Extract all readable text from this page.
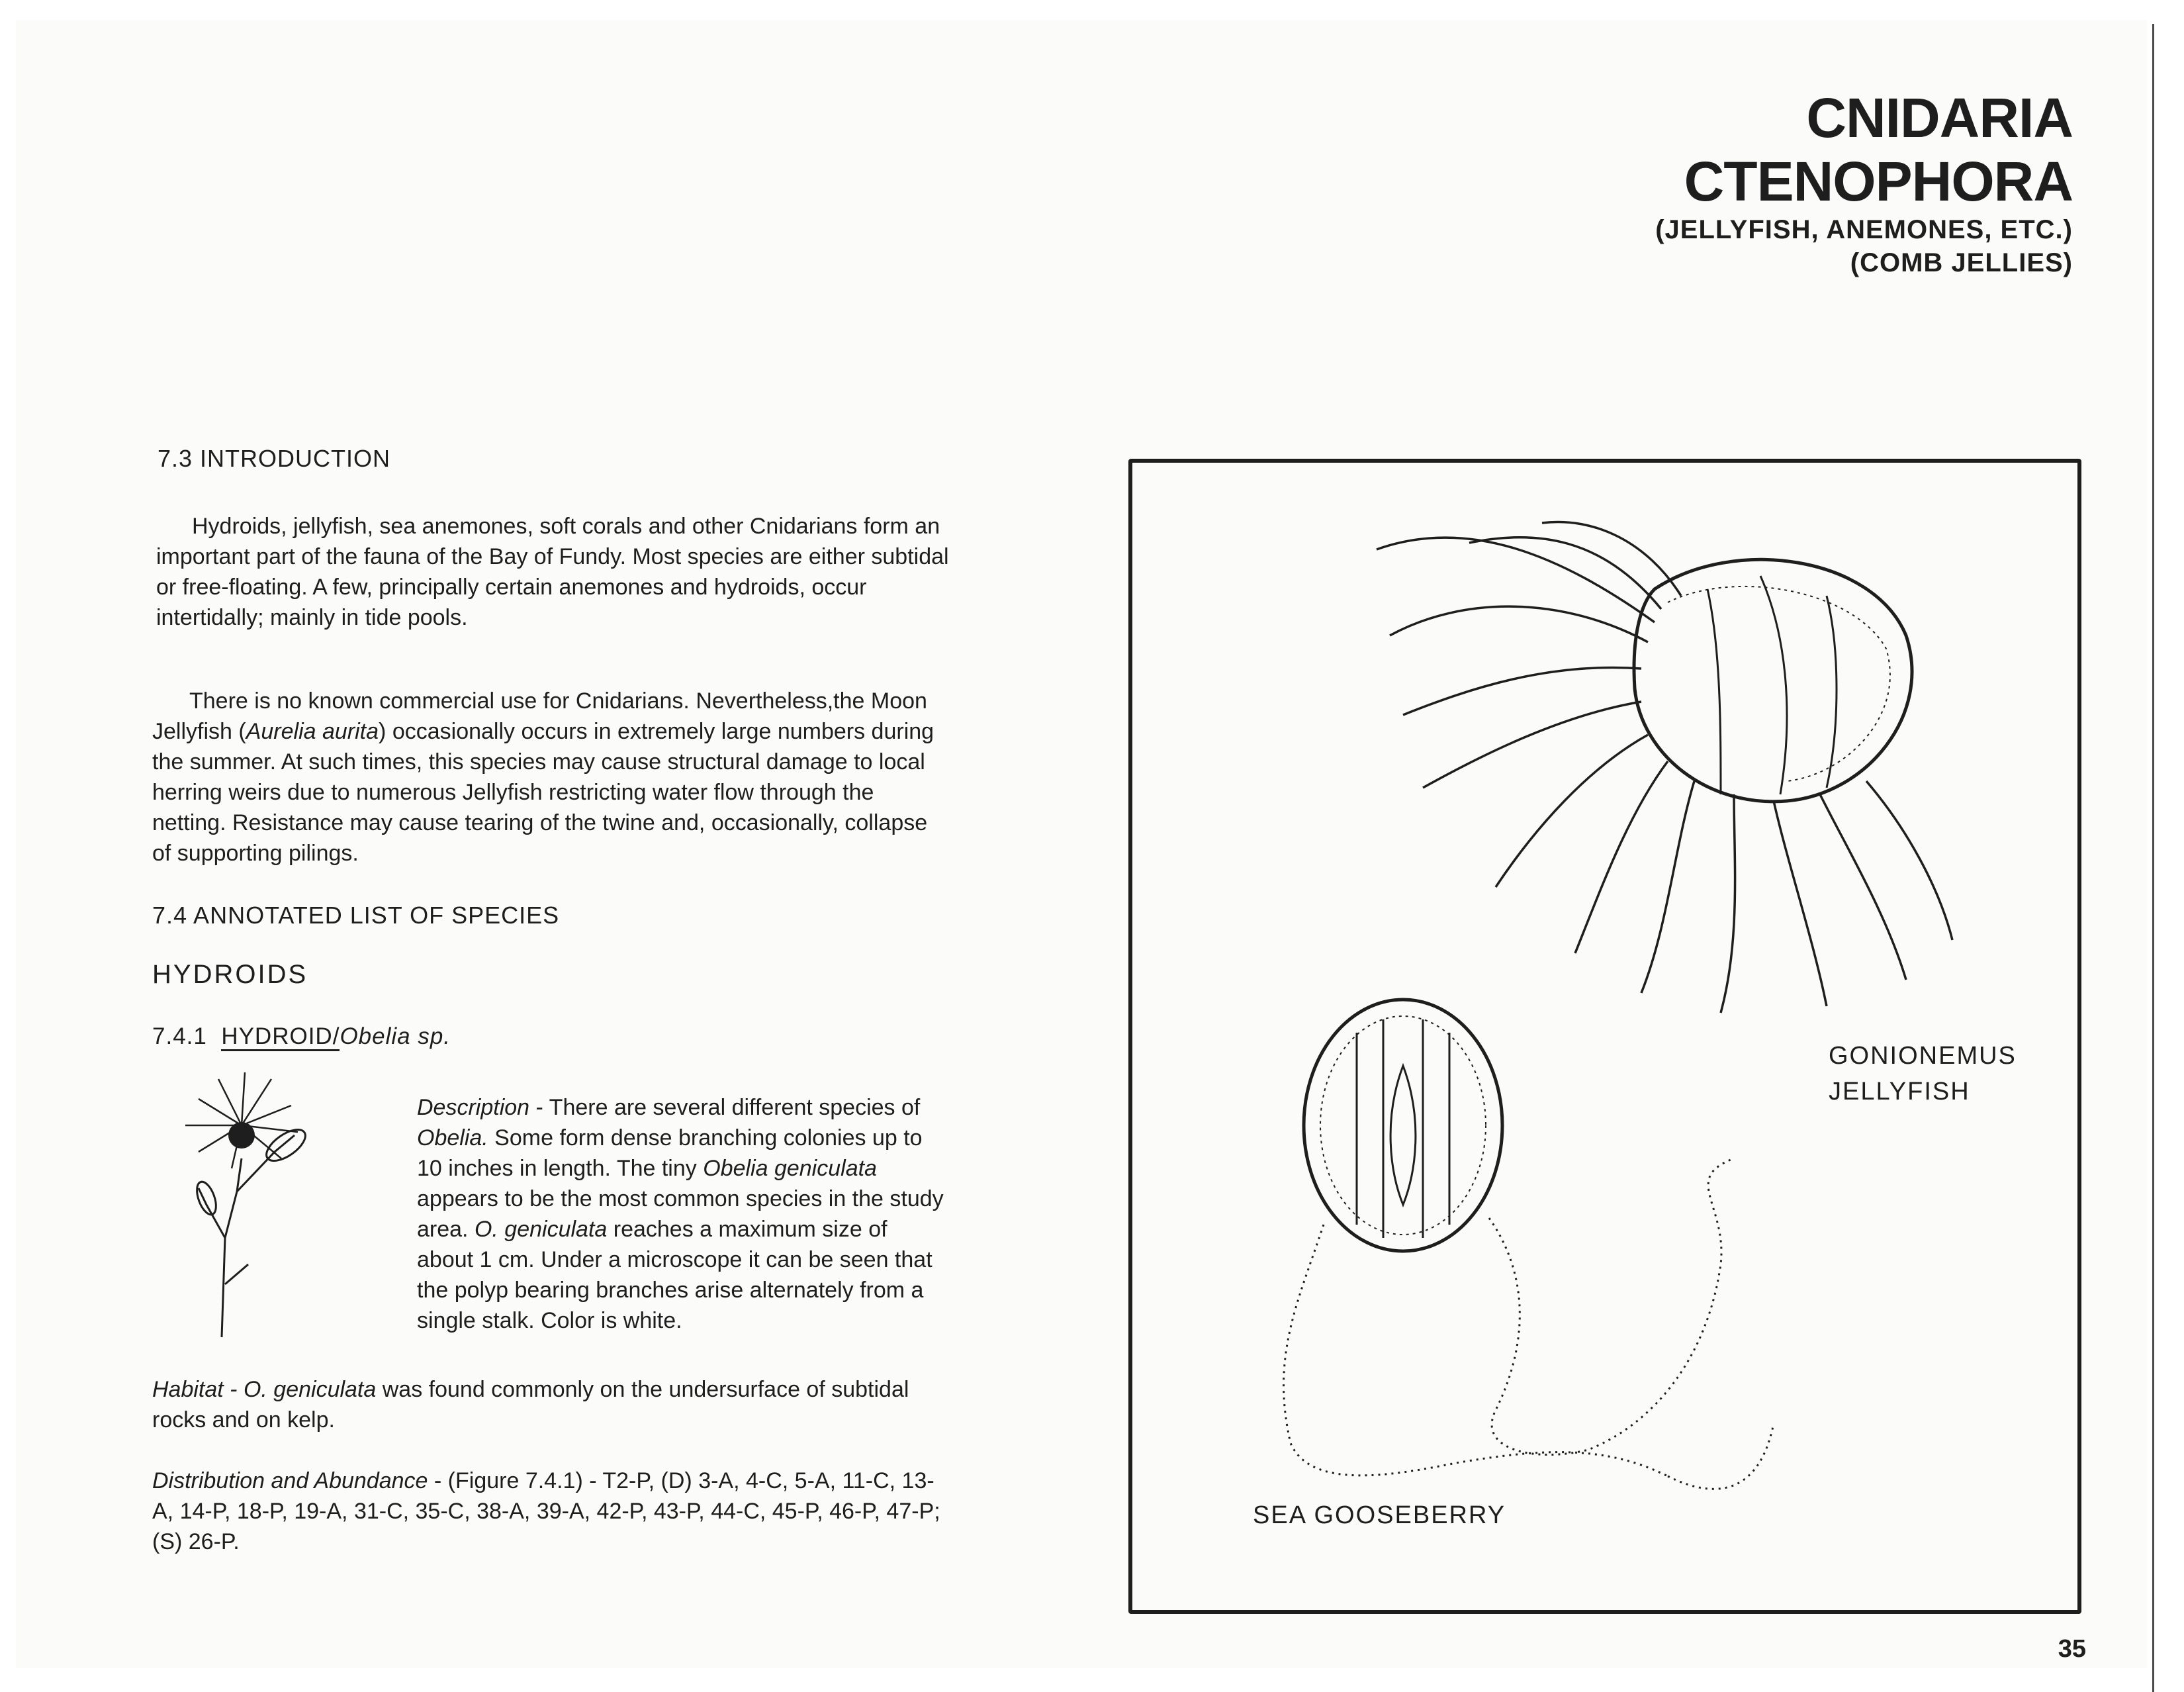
CNIDARIA
CTENOPHORA
(JELLYFISH, ANEMONES, ETC.)
(COMB JELLIES)
7.3 INTRODUCTION
Hydroids, jellyfish, sea anemones, soft corals and other Cnidarians form an important part of the fauna of the Bay of Fundy. Most species are either subtidal or free-floating. A few, principally certain anemones and hydroids, occur intertidally; mainly in tide pools.
There is no known commercial use for Cnidarians. Nevertheless,the Moon Jellyfish (Aurelia aurita) occasionally occurs in extremely large numbers during the summer. At such times, this species may cause structural damage to local herring weirs due to numerous Jellyfish restricting water flow through the netting. Resistance may cause tearing of the twine and, occasionally, collapse of supporting pilings.
7.4 ANNOTATED LIST OF SPECIES
HYDROIDS
7.4.1 HYDROID/Obelia sp.
Description - There are several different species of Obelia. Some form dense branching colonies up to 10 inches in length. The tiny Obelia geniculata appears to be the most common species in the study area. O. geniculata reaches a maximum size of about 1 cm. Under a microscope it can be seen that the polyp bearing branches arise alternately from a single stalk. Color is white.
Habitat - O. geniculata was found commonly on the undersurface of subtidal rocks and on kelp.
Distribution and Abundance - (Figure 7.4.1) - T2-P, (D) 3-A, 4-C, 5-A, 11-C, 13-A, 14-P, 18-P, 19-A, 31-C, 35-C, 38-A, 39-A, 42-P, 43-P, 44-C, 45-P, 46-P, 47-P; (S) 26-P.
GONIONEMUS
JELLYFISH
SEA GOOSEBERRY
35
